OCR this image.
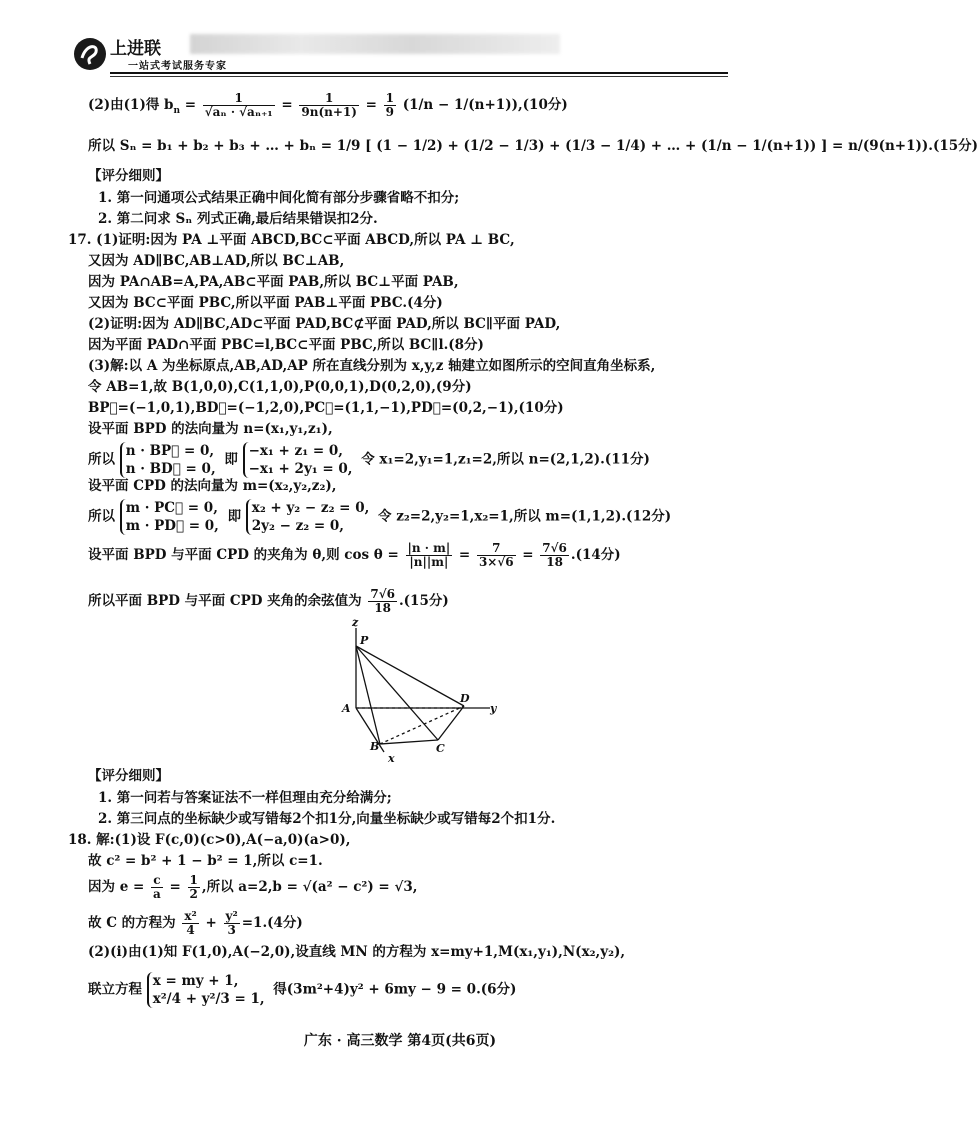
上进联
一站式考试服务专家
(2)由(1)得 $b_n = \frac{1}{\text{√aₙ · √aₙ₊₁}} = \frac{1}{9n(n+1)} = \frac{1}{9} (1/n - 1/(n+1)),(10$分)
所以 Sₙ = b₁ + b₂ + b₃ + … + bₙ = 1/9 [ (1 − 1/2) + (1/2 − 1/3) + (1/3 − 1/4) + … + (1/n − 1/(n+1)) ] = n/(9(n+1)).(15分)
【评分细则】
1. 第一问通项公式结果正确中间化简有部分步骤省略不扣分;
2. 第二问求 Sₙ 列式正确,最后结果错误扣2分.
17. (1)证明:因为 PA ⊥平面 ABCD,BC⊂平面 ABCD,所以 PA ⊥ BC,
又因为 AD∥BC,AB⊥AD,所以 BC⊥AB,
因为 PA∩AB=A,PA,AB⊂平面 PAB,所以 BC⊥平面 PAB,
又因为 BC⊂平面 PBC,所以平面 PAB⊥平面 PBC.(4分)
(2)证明:因为 AD∥BC,AD⊂平面 PAD,BC⊄平面 PAD,所以 BC∥平面 PAD,
因为平面 PAD∩平面 PBC=l,BC⊂平面 PBC,所以 BC∥l.(8分)
(3)解:以 A 为坐标原点,AB,AD,AP 所在直线分别为 x,y,z 轴建立如图所示的空间直角坐标系,
令 AB=1,故 B(1,0,0),C(1,1,0),P(0,0,1),D(0,2,0),(9分)
BP⃗=(−1,0,1),BD⃗=(−1,2,0),PC⃗=(1,1,−1),PD⃗=(0,2,−1),(10分)
设平面 BPD 的法向量为 n=(x₁,y₁,z₁),
所以 n · BP⃗ = 0,
n · BD⃗ = 0, 即 −x₁ + z₁ = 0,
−x₁ + 2y₁ = 0, 令 x₁=2,y₁=1,z₁=2,所以 n=(2,1,2).(11分)
设平面 CPD 的法向量为 m=(x₂,y₂,z₂),
所以 m · PC⃗ = 0,
m · PD⃗ = 0, 即 x₂ + y₂ − z₂ = 0,
2y₂ − z₂ = 0, 令 z₂=2,y₂=1,x₂=1,所以 m=(1,1,2).(12分)
设平面 BPD 与平面 CPD 的夹角为 θ,则 $\cos \theta = \frac{|n \cdot m|}{|n||m|} = \frac{7}{3\times√6} = \frac{7√6}{18} .(14$分)
所以平面 BPD 与平面 CPD 夹角的余弦值为 $\frac{7√6}{18} .(15$分)
z
P
A
D
y
B	C
x
【评分细则】
1. 第一问若与答案证法不一样但理由充分给满分;
2. 第三问点的坐标缺少或写错每2个扣1分,向量坐标缺少或写错每2个扣1分.
18. 解:(1)设 F(c,0)(c>0),A(−a,0)(a>0),
故 c² = b² + 1 − b² = 1,所以 c=1.
因为 $e = \frac{c}{a} = \frac{1}{2}$ ,所以 a=2,b = √(a² − c²) = √3,
故 C 的方程为 $\frac{\text{x²}}{4} + \frac{\text{y²}}{3} =1.(4$分)
(2)(i)由(1)知 F(1,0),A(−2,0),设直线 MN 的方程为 x=my+1,M(x₁,y₁),N(x₂,y₂),
联立方程 x = my + 1,
x²/4 + y²/3 = 1, 得(3m²+4)y² + 6my − 9 = 0.(6分)
广东 · 高三数学 第4页(共6页)
